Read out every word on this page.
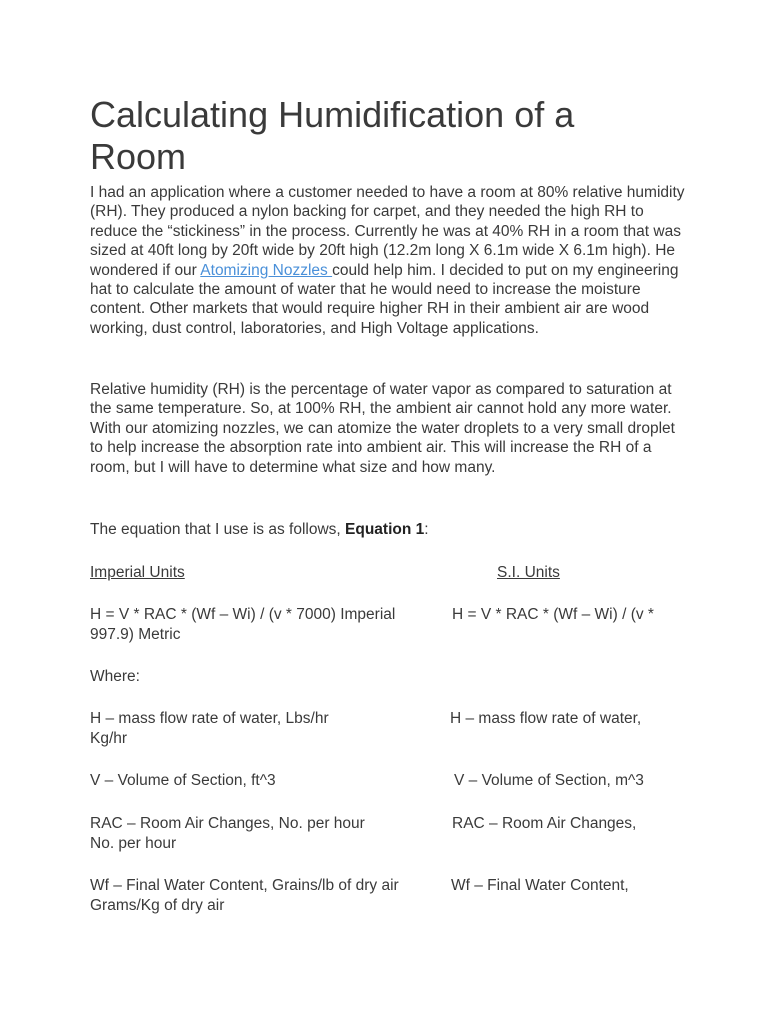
Calculating Humidification of a Room

I had an application where a customer needed to have a room at 80% relative humidity (RH). They produced a nylon backing for carpet, and they needed the high RH to reduce the “stickiness” in the process. Currently he was at 40% RH in a room that was sized at 40ft long by 20ft wide by 20ft high (12.2m long X 6.1m wide X 6.1m high). He wondered if our Atomizing Nozzles could help him. I decided to put on my engineering hat to calculate the amount of water that he would need to increase the moisture content. Other markets that would require higher RH in their ambient air are wood working, dust control, laboratories, and High Voltage applications.

Relative humidity (RH) is the percentage of water vapor as compared to saturation at the same temperature. So, at 100% RH, the ambient air cannot hold any more water. With our atomizing nozzles, we can atomize the water droplets to a very small droplet to help increase the absorption rate into ambient air. This will increase the RH of a room, but I will have to determine what size and how many.

The equation that I use is as follows, Equation 1:

Imperial Units	S.I. Units
H = V * RAC * (Wf – Wi) / (v * 7000) Imperial	H = V * RAC * (Wf – Wi) / (v *
997.9) Metric
Where:
H – mass flow rate of water, Lbs/hr	H – mass flow rate of water,
Kg/hr
V – Volume of Section, ft^3	V – Volume of Section, m^3
RAC – Room Air Changes, No. per hour	RAC – Room Air Changes,
No. per hour
Wf – Final Water Content, Grains/lb of dry air	Wf – Final Water Content,
Grams/Kg of dry air
